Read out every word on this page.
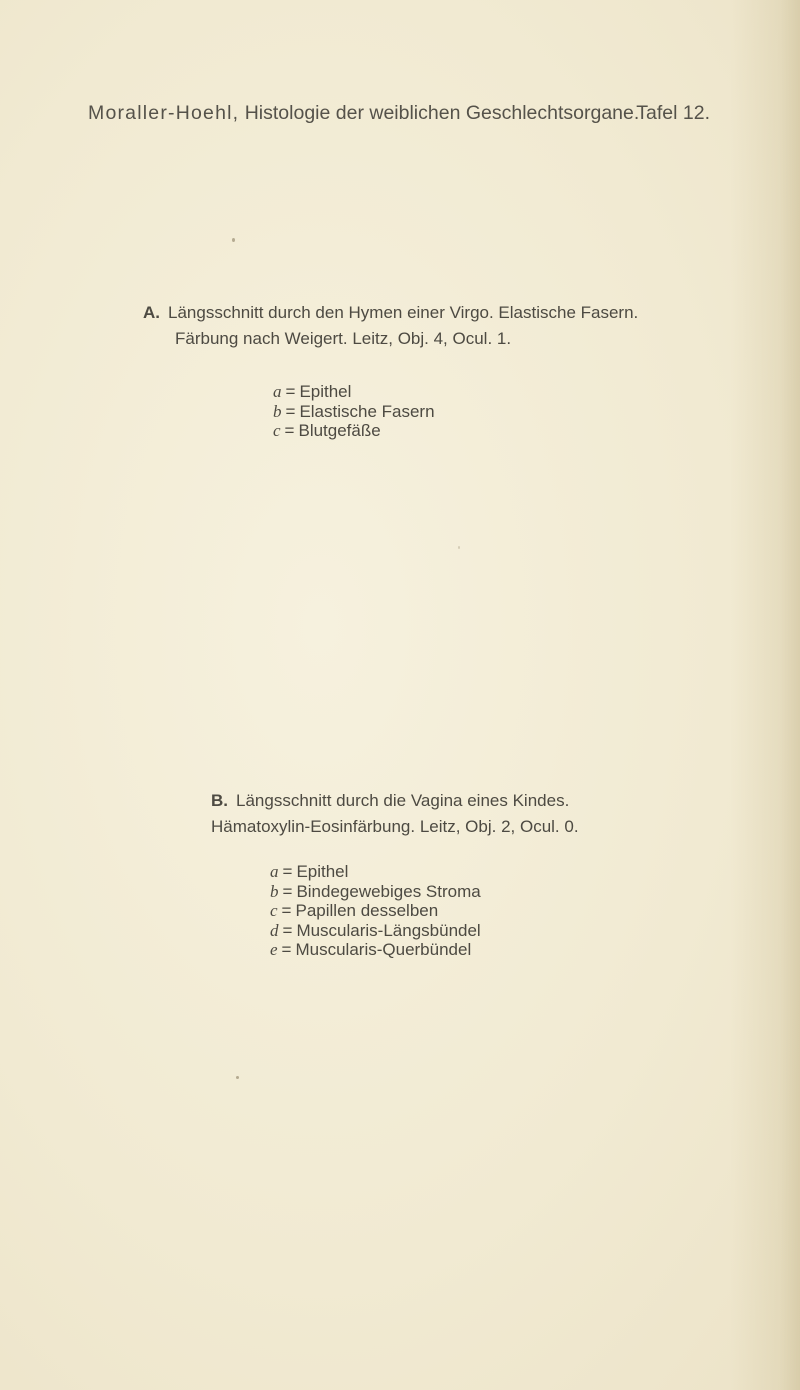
Moraller-Hoehl, Histologie der weiblichen Geschlechtsorgane.
Tafel 12.
A. Längsschnitt durch den Hymen einer Virgo. Elastische Fasern.
Färbung nach Weigert. Leitz, Obj. 4, Ocul. 1.
a = Epithel
b = Elastische Fasern
c = Blutgefäße
B. Längsschnitt durch die Vagina eines Kindes.
Hämatoxylin-Eosinfärbung. Leitz, Obj. 2, Ocul. 0.
a = Epithel
b = Bindegewebiges Stroma
c = Papillen desselben
d = Muscularis-Längsbündel
e = Muscularis-Querbündel
